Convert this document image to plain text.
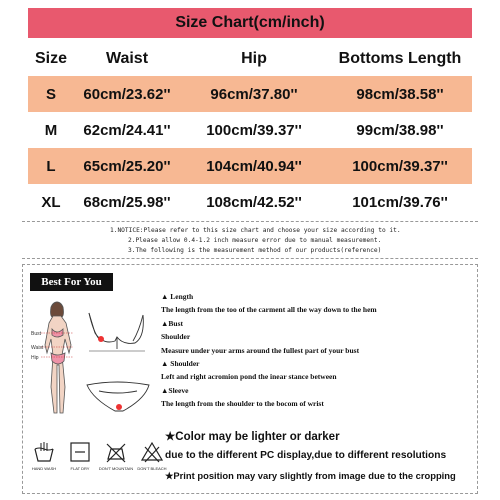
Size Chart(cm/inch)
Size	Waist	Hip	Bottoms Length
S	60cm/23.62''	96cm/37.80''	98cm/38.58''
M	62cm/24.41''	100cm/39.37''	99cm/38.98''
L	65cm/25.20''	104cm/40.94''	100cm/39.37''
XL	68cm/25.98''	108cm/42.52''	101cm/39.76''
1.NOTICE:Please refer to this size chart and choose your size according to it.
2.Please allow 0.4-1.2 inch measure error due to manual measurement.
3.The following is the measurement method of our products(reference)
Best For You
Bust
Waist
Hip
HAND WASH	FLAT DRY DON'T MOUNTAIN DON'T BLEACH
▲ Length
The length from the too of the carment all the way down to the hem
▲Bust
Shoulder
Measure under your arms around the fullest part of your bust
▲ Shoulder
Left and right acromion pond the inear stance between
▲Sleeve
The length from the shoulder to the bocom of wrist
★Color may be lighter or darker
due to the different PC display,due to different resolutions
★Print position may vary slightly from image due to the cropping
